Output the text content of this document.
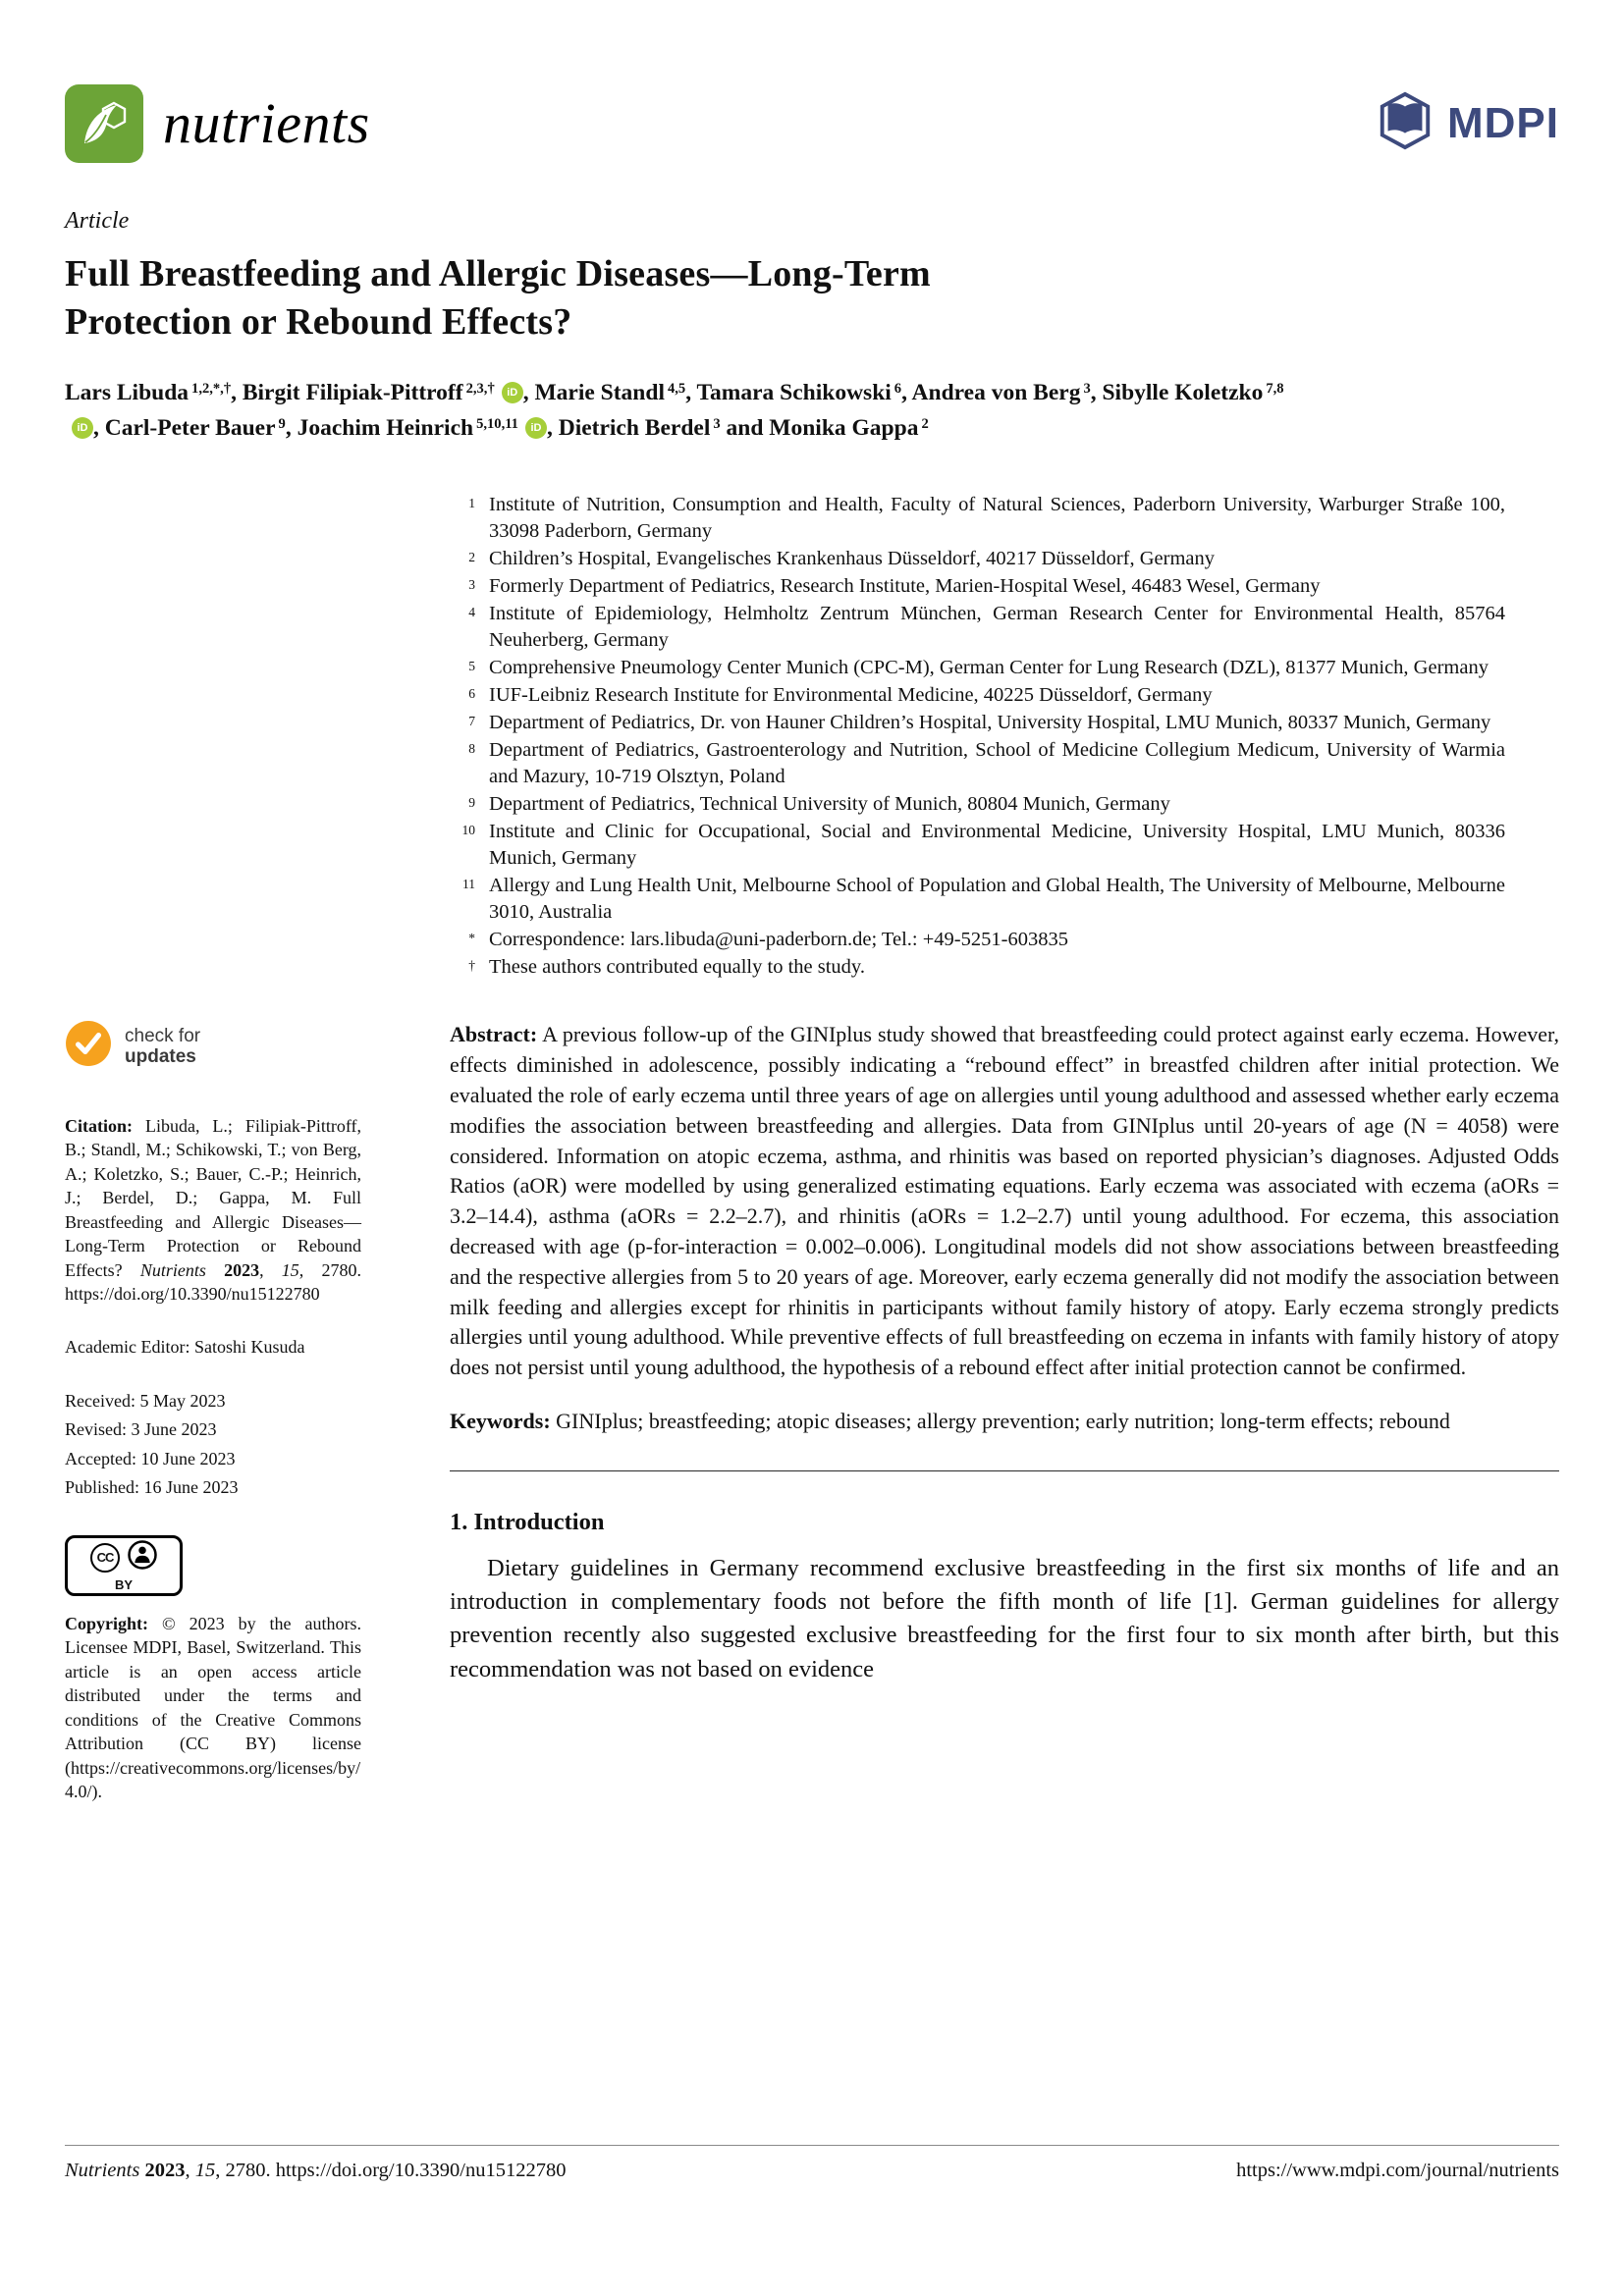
nutrients	MDPI
Article
Full Breastfeeding and Allergic Diseases—Long-Term Protection or Rebound Effects?
Lars Libuda $^{1,2,*,\dagger}$, Birgit Filipiak-Pittroff $^{2,3,\dagger}$ iD , Marie Standl $^{4,5}$, Tamara Schikowski $^6$, Andrea von Berg $^3$, Sibylle Koletzko $^{7,8}$iD , Carl-Peter Bauer $^9$, Joachim Heinrich $^{5,10,11}$ iD , Dietrich Berdel $^3$ and Monika Gappa $^2$
1 Institute of Nutrition, Consumption and Health, Faculty of Natural Sciences, Paderborn University, Warburger Straße 100, 33098 Paderborn, Germany
2 Children’s Hospital, Evangelisches Krankenhaus Düsseldorf, 40217 Düsseldorf, Germany
3 Formerly Department of Pediatrics, Research Institute, Marien-Hospital Wesel, 46483 Wesel, Germany
4 Institute of Epidemiology, Helmholtz Zentrum München, German Research Center for Environmental Health, 85764 Neuherberg, Germany
5 Comprehensive Pneumology Center Munich (CPC-M), German Center for Lung Research (DZL), 81377 Munich, Germany
6 IUF-Leibniz Research Institute for Environmental Medicine, 40225 Düsseldorf, Germany
7 Department of Pediatrics, Dr. von Hauner Children’s Hospital, University Hospital, LMU Munich, 80337 Munich, Germany
8 Department of Pediatrics, Gastroenterology and Nutrition, School of Medicine Collegium Medicum, University of Warmia and Mazury, 10-719 Olsztyn, Poland
9 Department of Pediatrics, Technical University of Munich, 80804 Munich, Germany
10 Institute and Clinic for Occupational, Social and Environmental Medicine, University Hospital, LMU Munich, 80336 Munich, Germany
11 Allergy and Lung Health Unit, Melbourne School of Population and Global Health, The University of Melbourne, Melbourne 3010, Australia
* Correspondence: lars.libuda@uni-paderborn.de; Tel.: +49-5251-603835
† These authors contributed equally to the study.
check for
updates

Citation: Libuda, L.; Filipiak-Pittroff, B.; Standl, M.; Schikowski, T.; von Berg, A.; Koletzko, S.; Bauer, C.-P.; Heinrich, J.; Berdel, D.; Gappa, M. Full Breastfeeding and Allergic Diseases—Long-Term Protection or Rebound Effects? Nutrients 2023, 15, 2780. https://doi.org/10.3390/nu15122780

Academic Editor: Satoshi Kusuda

Received: 5 May 2023

Revised: 3 June 2023

Accepted: 10 June 2023

Published: 16 June 2023

CC
BY

Copyright: © 2023 by the authors. Licensee MDPI, Basel, Switzerland. This article is an open access article distributed under the terms and conditions of the Creative Commons Attribution (CC BY) license (https://creativecommons.org/licenses/by/4.0/).

Abstract: A previous follow-up of the GINIplus study showed that breastfeeding could protect against early eczema. However, effects diminished in adolescence, possibly indicating a “rebound effect” in breastfed children after initial protection. We evaluated the role of early eczema until three years of age on allergies until young adulthood and assessed whether early eczema modifies the association between breastfeeding and allergies. Data from GINIplus until 20-years of age (N = 4058) were considered. Information on atopic eczema, asthma, and rhinitis was based on reported physician’s diagnoses. Adjusted Odds Ratios (aOR) were modelled by using generalized estimating equations. Early eczema was associated with eczema (aORs = 3.2–14.4), asthma (aORs = 2.2–2.7), and rhinitis (aORs = 1.2–2.7) until young adulthood. For eczema, this association decreased with age (p-for-interaction = 0.002–0.006). Longitudinal models did not show associations between breastfeeding and the respective allergies from 5 to 20 years of age. Moreover, early eczema generally did not modify the association between milk feeding and allergies except for rhinitis in participants without family history of atopy. Early eczema strongly predicts allergies until young adulthood. While preventive effects of full breastfeeding on eczema in infants with family history of atopy does not persist until young adulthood, the hypothesis of a rebound effect after initial protection cannot be confirmed.

Keywords: GINIplus; breastfeeding; atopic diseases; allergy prevention; early nutrition; long-term effects; rebound

1. Introduction

Dietary guidelines in Germany recommend exclusive breastfeeding in the first six months of life and an introduction in complementary foods not before the fifth month of life [1]. German guidelines for allergy prevention recently also suggested exclusive breastfeeding for the first four to six month after birth, but this recommendation was not based on evidence

Nutrients 2023, 15, 2780. https://doi.org/10.3390/nu15122780	https://www.mdpi.com/journal/nutrients
